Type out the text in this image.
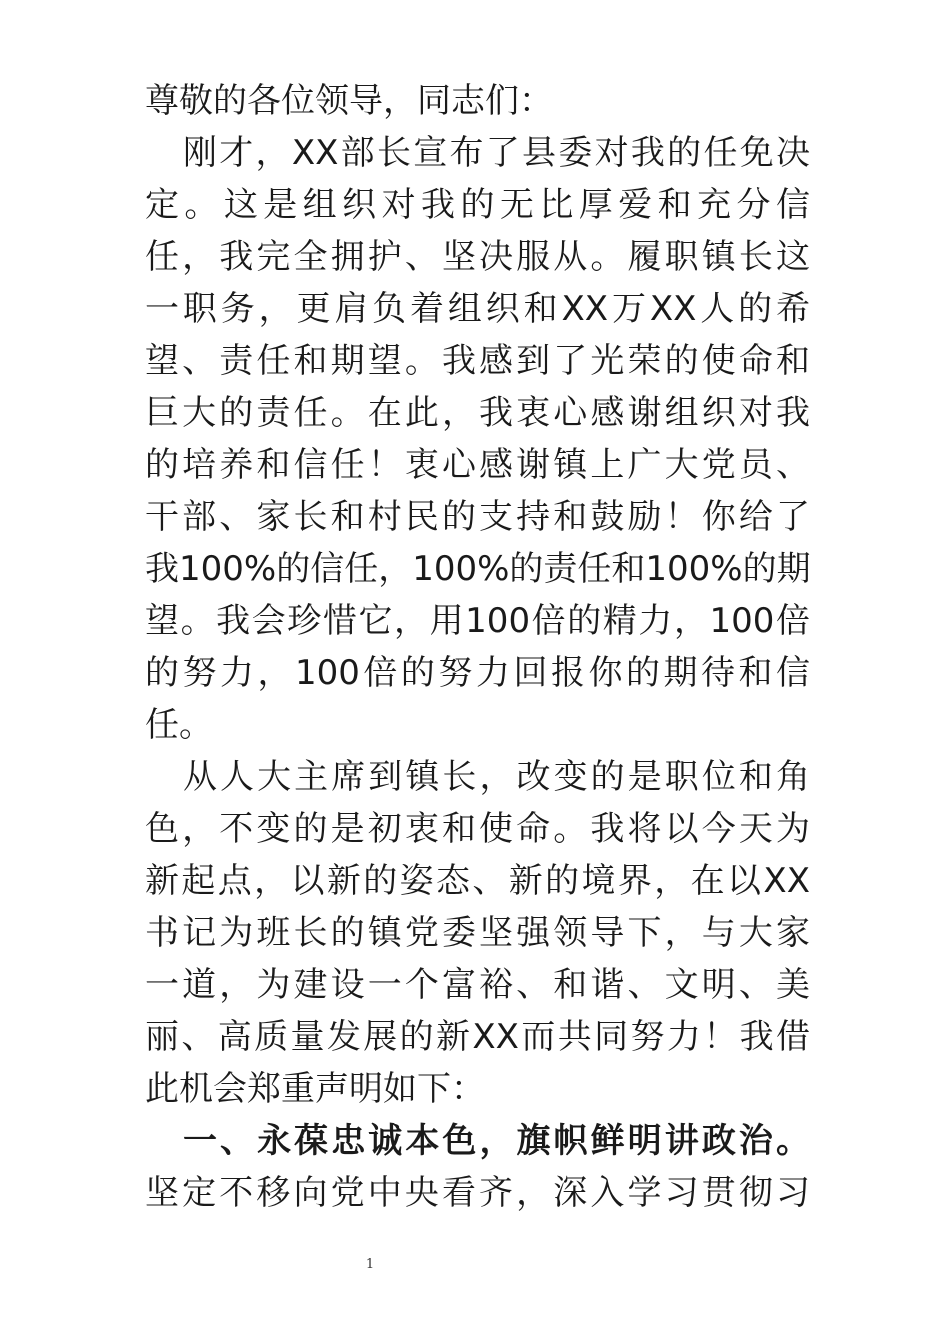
尊敬的各位领导，同志们：
刚才，XX部长宣布了县委对我的任免决
定。这是组织对我的无比厚爱和充分信
任，我完全拥护、坚决服从。履职镇长这
一职务，更肩负着组织和XX万XX人的希
望、责任和期望。我感到了光荣的使命和
巨大的责任。在此，我衷心感谢组织对我
的培养和信任！衷心感谢镇上广大党员、
干部、家长和村民的支持和鼓励！你给了
我100%的信任，100%的责任和100%的期
望。我会珍惜它，用100倍的精力，100倍
的努力，100倍的努力回报你的期待和信
任。
从人大主席到镇长，改变的是职位和角
色，不变的是初衷和使命。我将以今天为
新起点，以新的姿态、新的境界，在以XX
书记为班长的镇党委坚强领导下，与大家
一道，为建设一个富裕、和谐、文明、美
丽、高质量发展的新XX而共同努力！我借
此机会郑重声明如下：
一、永葆忠诚本色，旗帜鲜明讲政治。
坚定不移向党中央看齐，深入学习贯彻习
1
